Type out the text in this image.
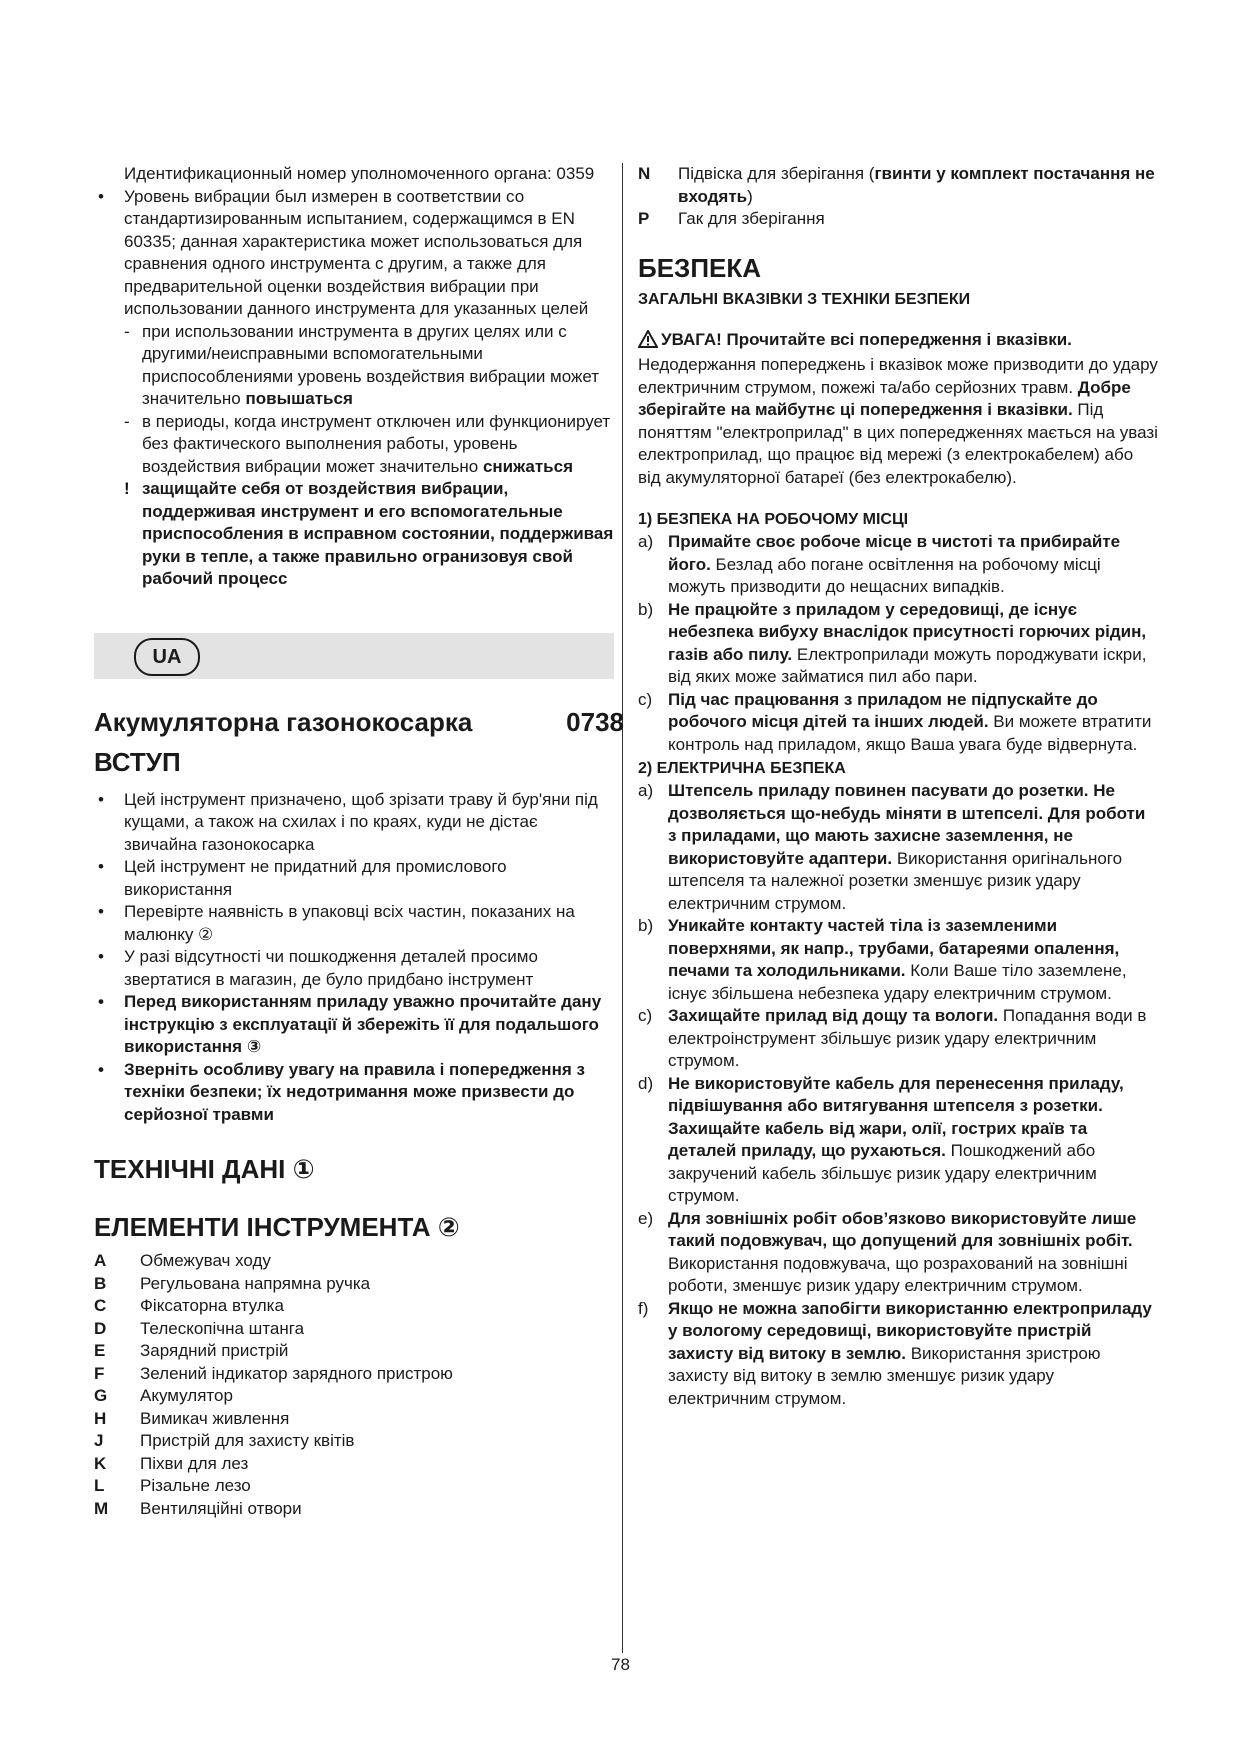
Идентификационный номер уполномоченного органа: 0359
• Уровень вибрации был измерен в соответствии со стандартизированным испытанием, содержащимся в EN 60335; данная характеристика может использоваться для сравнения одного инструмента с другим, а также для предварительной оценки воздействия вибрации при использовании данного инструмента для указанных целей
- при использовании инструмента в других целях или с другими/неисправными вспомогательными приспособлениями уровень воздействия вибрации может значительно повышаться
- в периоды, когда инструмент отключен или функционирует без фактического выполнения работы, уровень воздействия вибрации может значительно снижаться
! защищайте себя от воздействия вибрации, поддерживая инструмент и его вспомогательные приспособления в исправном состоянии, поддерживая руки в тепле, а также правильно огранизовуя свой рабочий процесс
UA
Акумуляторна газонокосарка	0738
ВСТУП
• Цей інструмент призначено, щоб зрізати траву й бур'яни під кущами, а також на схилах і по краях, куди не дістає звичайна газонокосарка
• Цей інструмент не придатний для промислового використання
• Перевірте наявність в упаковці всіх частин, показаних на малюнку ②
• У разі відсутності чи пошкодження деталей просимо звертатися в магазин, де було придбано інструмент
• Перед використанням приладу уважно прочитайте дану інструкцію з експлуатації й збережіть її для подальшого використання ③
• Зверніть особливу увагу на правила і попередження з техніки безпеки; їх недотримання може призвести до серйозної травми
ТЕХНІЧНІ ДАНІ ①
ЕЛЕМЕНТИ ІНСТРУМЕНТА ②
A	Обмежувач ходу
B	Регульована напрямна ручка
C	Фіксаторна втулка
D	Телескопічна штанга
E	Зарядний пристрій
F	Зелений індикатор зарядного пристрою
G	Акумулятор
H	Вимикач живлення
J	Пристрій для захисту квітів
K	Піхви для лез
L	Різальне лезо
M	Вентиляційні отвори
N	Підвіска для зберігання (гвинти у комплект постачання не входять)
P	Гак для зберігання
БЕЗПЕКА
ЗАГАЛЬНІ ВКАЗІВКИ З ТЕХНІКИ БЕЗПЕКИ
УВАГА! Прочитайте всі попередження і вказівки. Недодержання попереджень і вказівок може призводити до удару електричним струмом, пожежі та/або серйозних травм. Добре зберігайте на майбутнє ці попередження і вказівки. Під поняттям "електроприлад" в цих попередженнях мається на увазі електроприлад, що працює від мережі (з електрокабелем) або від акумуляторної батареї (без електрокабелю).
1) БЕЗПЕКА НА РОБОЧОМУ МІСЦІ
a) Примайте своє робоче місце в чистоті та прибирайте його. Безлад або погане освітлення на робочому місці можуть призводити до нещасних випадків.
b) Не працюйте з приладом у середовищі, де існує небезпека вибуху внаслідок присутності горючих рідин, газів або пилу. Електроприлади можуть породжувати іскри, від яких може займатися пил або пари.
c) Під час працювання з приладом не підпускайте до робочого місця дітей та інших людей. Ви можете втратити контроль над приладом, якщо Ваша увага буде відвернута.
2) ЕЛЕКТРИЧНА БЕЗПЕКА
a) Штепсель приладу повинен пасувати до розетки. Не дозволяється що-небудь міняти в штепселі. Для роботи з приладами, що мають захисне заземлення, не використовуйте адаптери. Використання оригінального штепселя та належної розетки зменшує ризик удару електричним струмом.
b) Уникайте контакту частей тіла із заземленими поверхнями, як напр., трубами, батареями опалення, печами та холодильниками. Коли Ваше тіло заземлене, існує збільшена небезпека удару електричним струмом.
c) Захищайте прилад від дощу та вологи. Попадання води в електроінструмент збільшує ризик удару електричним струмом.
d) Не використовуйте кабель для перенесення приладу, підвішування або витягування штепселя з розетки. Захищайте кабель від жари, олії, гострих країв та деталей приладу, що рухаються. Пошкоджений або закручений кабель збільшує ризик удару електричним струмом.
e) Для зовнішніх робіт обов’язково використовуйте лише такий подовжувач, що допущений для зовнішніх робіт. Використання подовжувача, що розрахований на зовнішні роботи, зменшує ризик удару електричним струмом.
f) Якщо не можна запобігти використанню електроприладу у вологому середовищі, використовуйте пристрій захисту від витоку в землю. Використання зристрою захисту від витоку в землю зменшує ризик удару електричним струмом.
78
